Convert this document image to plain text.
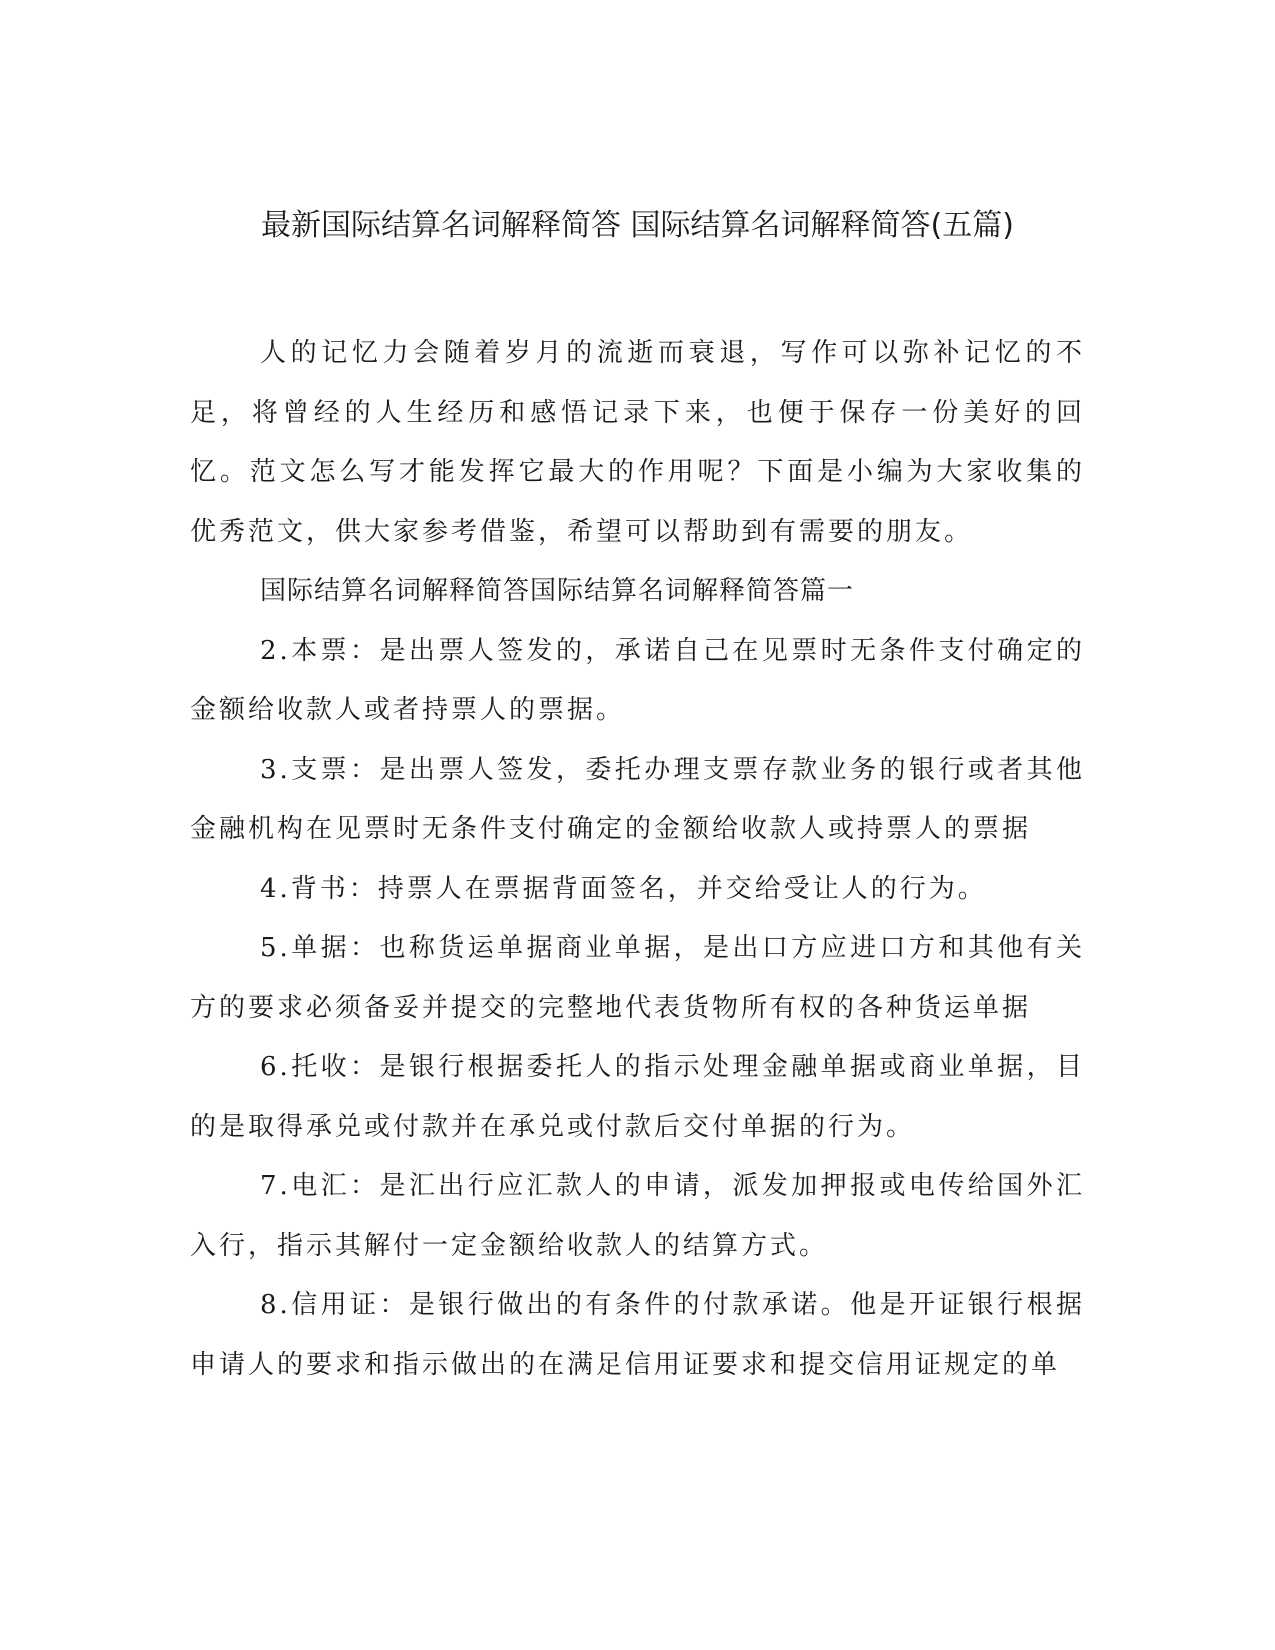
最新国际结算名词解释简答 国际结算名词解释简答(五篇)

人的记忆力会随着岁月的流逝而衰退，写作可以弥补记忆的不足，将曾经的人生经历和感悟记录下来，也便于保存一份美好的回忆。范文怎么写才能发挥它最大的作用呢？下面是小编为大家收集的优秀范文，供大家参考借鉴，希望可以帮助到有需要的朋友。

国际结算名词解释简答国际结算名词解释简答篇一

2.本票：是出票人签发的，承诺自己在见票时无条件支付确定的金额给收款人或者持票人的票据。

3.支票：是出票人签发，委托办理支票存款业务的银行或者其他金融机构在见票时无条件支付确定的金额给收款人或持票人的票据

4.背书：持票人在票据背面签名，并交给受让人的行为。

5.单据：也称货运单据商业单据，是出口方应进口方和其他有关方的要求必须备妥并提交的完整地代表货物所有权的各种货运单据

6.托收：是银行根据委托人的指示处理金融单据或商业单据，目的是取得承兑或付款并在承兑或付款后交付单据的行为。

7.电汇：是汇出行应汇款人的申请，派发加押报或电传给国外汇入行，指示其解付一定金额给收款人的结算方式。

8.信用证：是银行做出的有条件的付款承诺。他是开证银行根据申请人的要求和指示做出的在满足信用证要求和提交信用证规定的单
